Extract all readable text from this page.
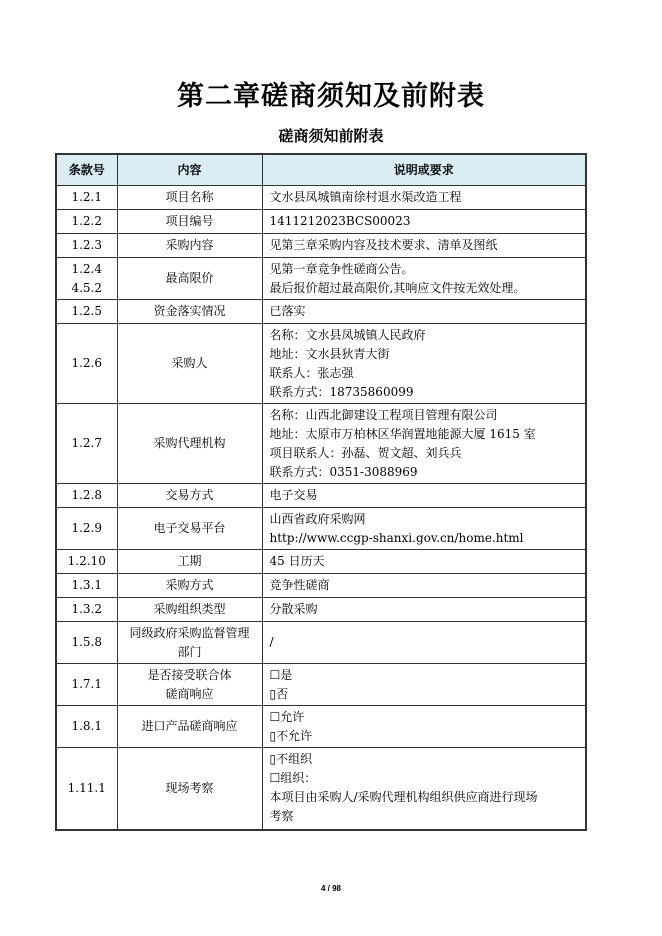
第二章磋商须知及前附表
磋商须知前附表
条款号	内容	说明或要求

1.2.1	项目名称	文水县凤城镇南徐村退水渠改造工程

1.2.2	项目编号	1411212023BCS00023

1.2.3	采购内容	见第三章采购内容及技术要求、清单及图纸

1.2.4
4.5.2	最高限价	见第一章竞争性磋商公告。
最后报价超过最高限价,其响应文件按无效处理。

1.2.5	资金落实情况	已落实

1.2.6	采购人	名称：文水县凤城镇人民政府
地址：文水县狄青大街
联系人：张志强
联系方式：18735860099

1.2.7	采购代理机构	名称：山西北御建设工程项目管理有限公司
地址：太原市万柏林区华润置地能源大厦 1615 室
项目联系人：孙磊、贺文超、刘兵兵
联系方式：0351-3088969

1.2.8	交易方式	电子交易

1.2.9	电子交易平台	山西省政府采购网
http://www.ccgp-shanxi.gov.cn/home.html

1.2.10	工期	45 日历天

1.3.1	采购方式	竞争性磋商

1.3.2	采购组织类型	分散采购

1.5.8	同级政府采购监督管理
部门	/

1.7.1	是否接受联合体
磋商响应	☐是
▯否

1.8.1	进口产品磋商响应	☐允许
▯不允许

1.11.1	现场考察	▯不组织
☐组织：
本项目由采购人/采购代理机构组织供应商进行现场
考察
4 / 98
